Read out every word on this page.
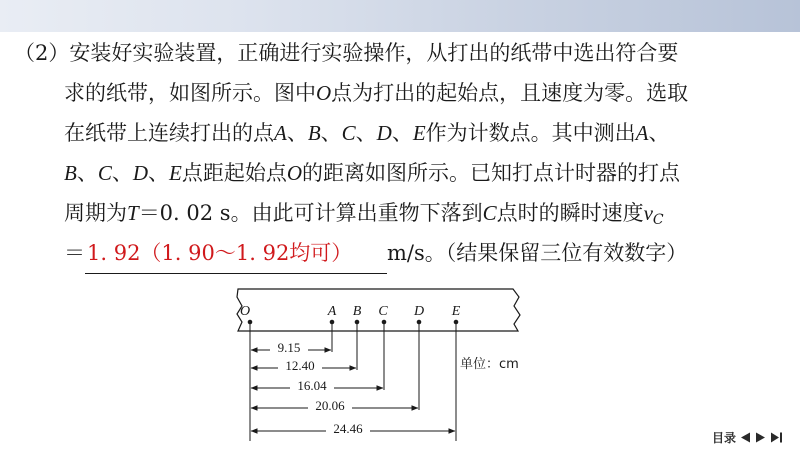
（2）安装好实验装置，正确进行实验操作，从打出的纸带中选出符合要
求的纸带，如图所示。图中O点为打出的起始点，且速度为零。选取
在纸带上连续打出的点A、B、C、D、E作为计数点。其中测出A、
B、C、D、E点距起始点O的距离如图所示。已知打点计时器的打点
周期为T＝0. 02 s。由此可计算出重物下落到C点时的瞬时速度$v_C$
＝1. 92（1. 90～1. 92均可） m/s。（结果保留三位有效数字）
O	A B C D E
9.15
12.40
16.04
20.06
24.46
单位：cm
目录
